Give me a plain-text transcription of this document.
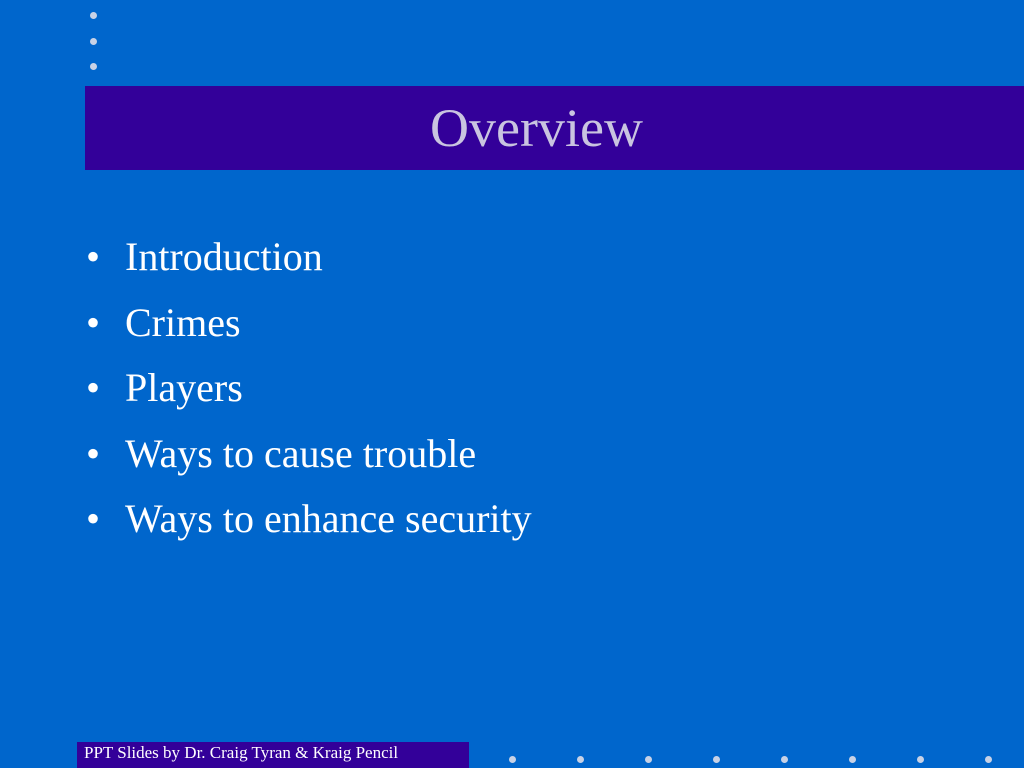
Overview
• Introduction
• Crimes
• Players
• Ways to cause trouble
• Ways to enhance security
PPT Slides by Dr. Craig Tyran & Kraig Pencil
